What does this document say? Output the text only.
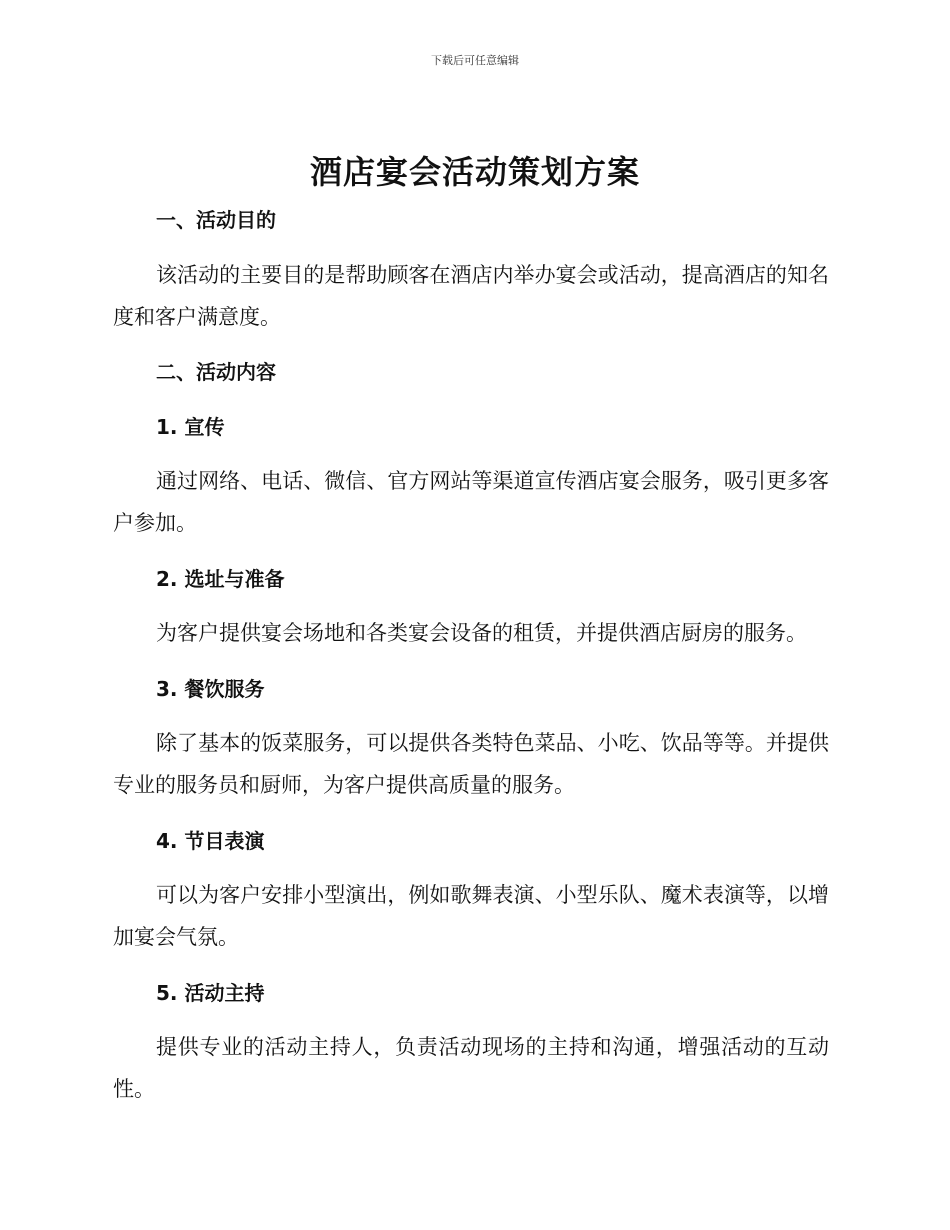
下载后可任意编辑
酒店宴会活动策划方案
一、活动目的
该活动的主要目的是帮助顾客在酒店内举办宴会或活动，提高酒店的知名度和客户满意度。
二、活动内容
1. 宣传
通过网络、电话、微信、官方网站等渠道宣传酒店宴会服务，吸引更多客户参加。
2. 选址与准备
为客户提供宴会场地和各类宴会设备的租赁，并提供酒店厨房的服务。
3. 餐饮服务
除了基本的饭菜服务，可以提供各类特色菜品、小吃、饮品等等。并提供专业的服务员和厨师，为客户提供高质量的服务。
4. 节目表演
可以为客户安排小型演出，例如歌舞表演、小型乐队、魔术表演等，以增加宴会气氛。
5. 活动主持
提供专业的活动主持人，负责活动现场的主持和沟通，增强活动的互动性。
